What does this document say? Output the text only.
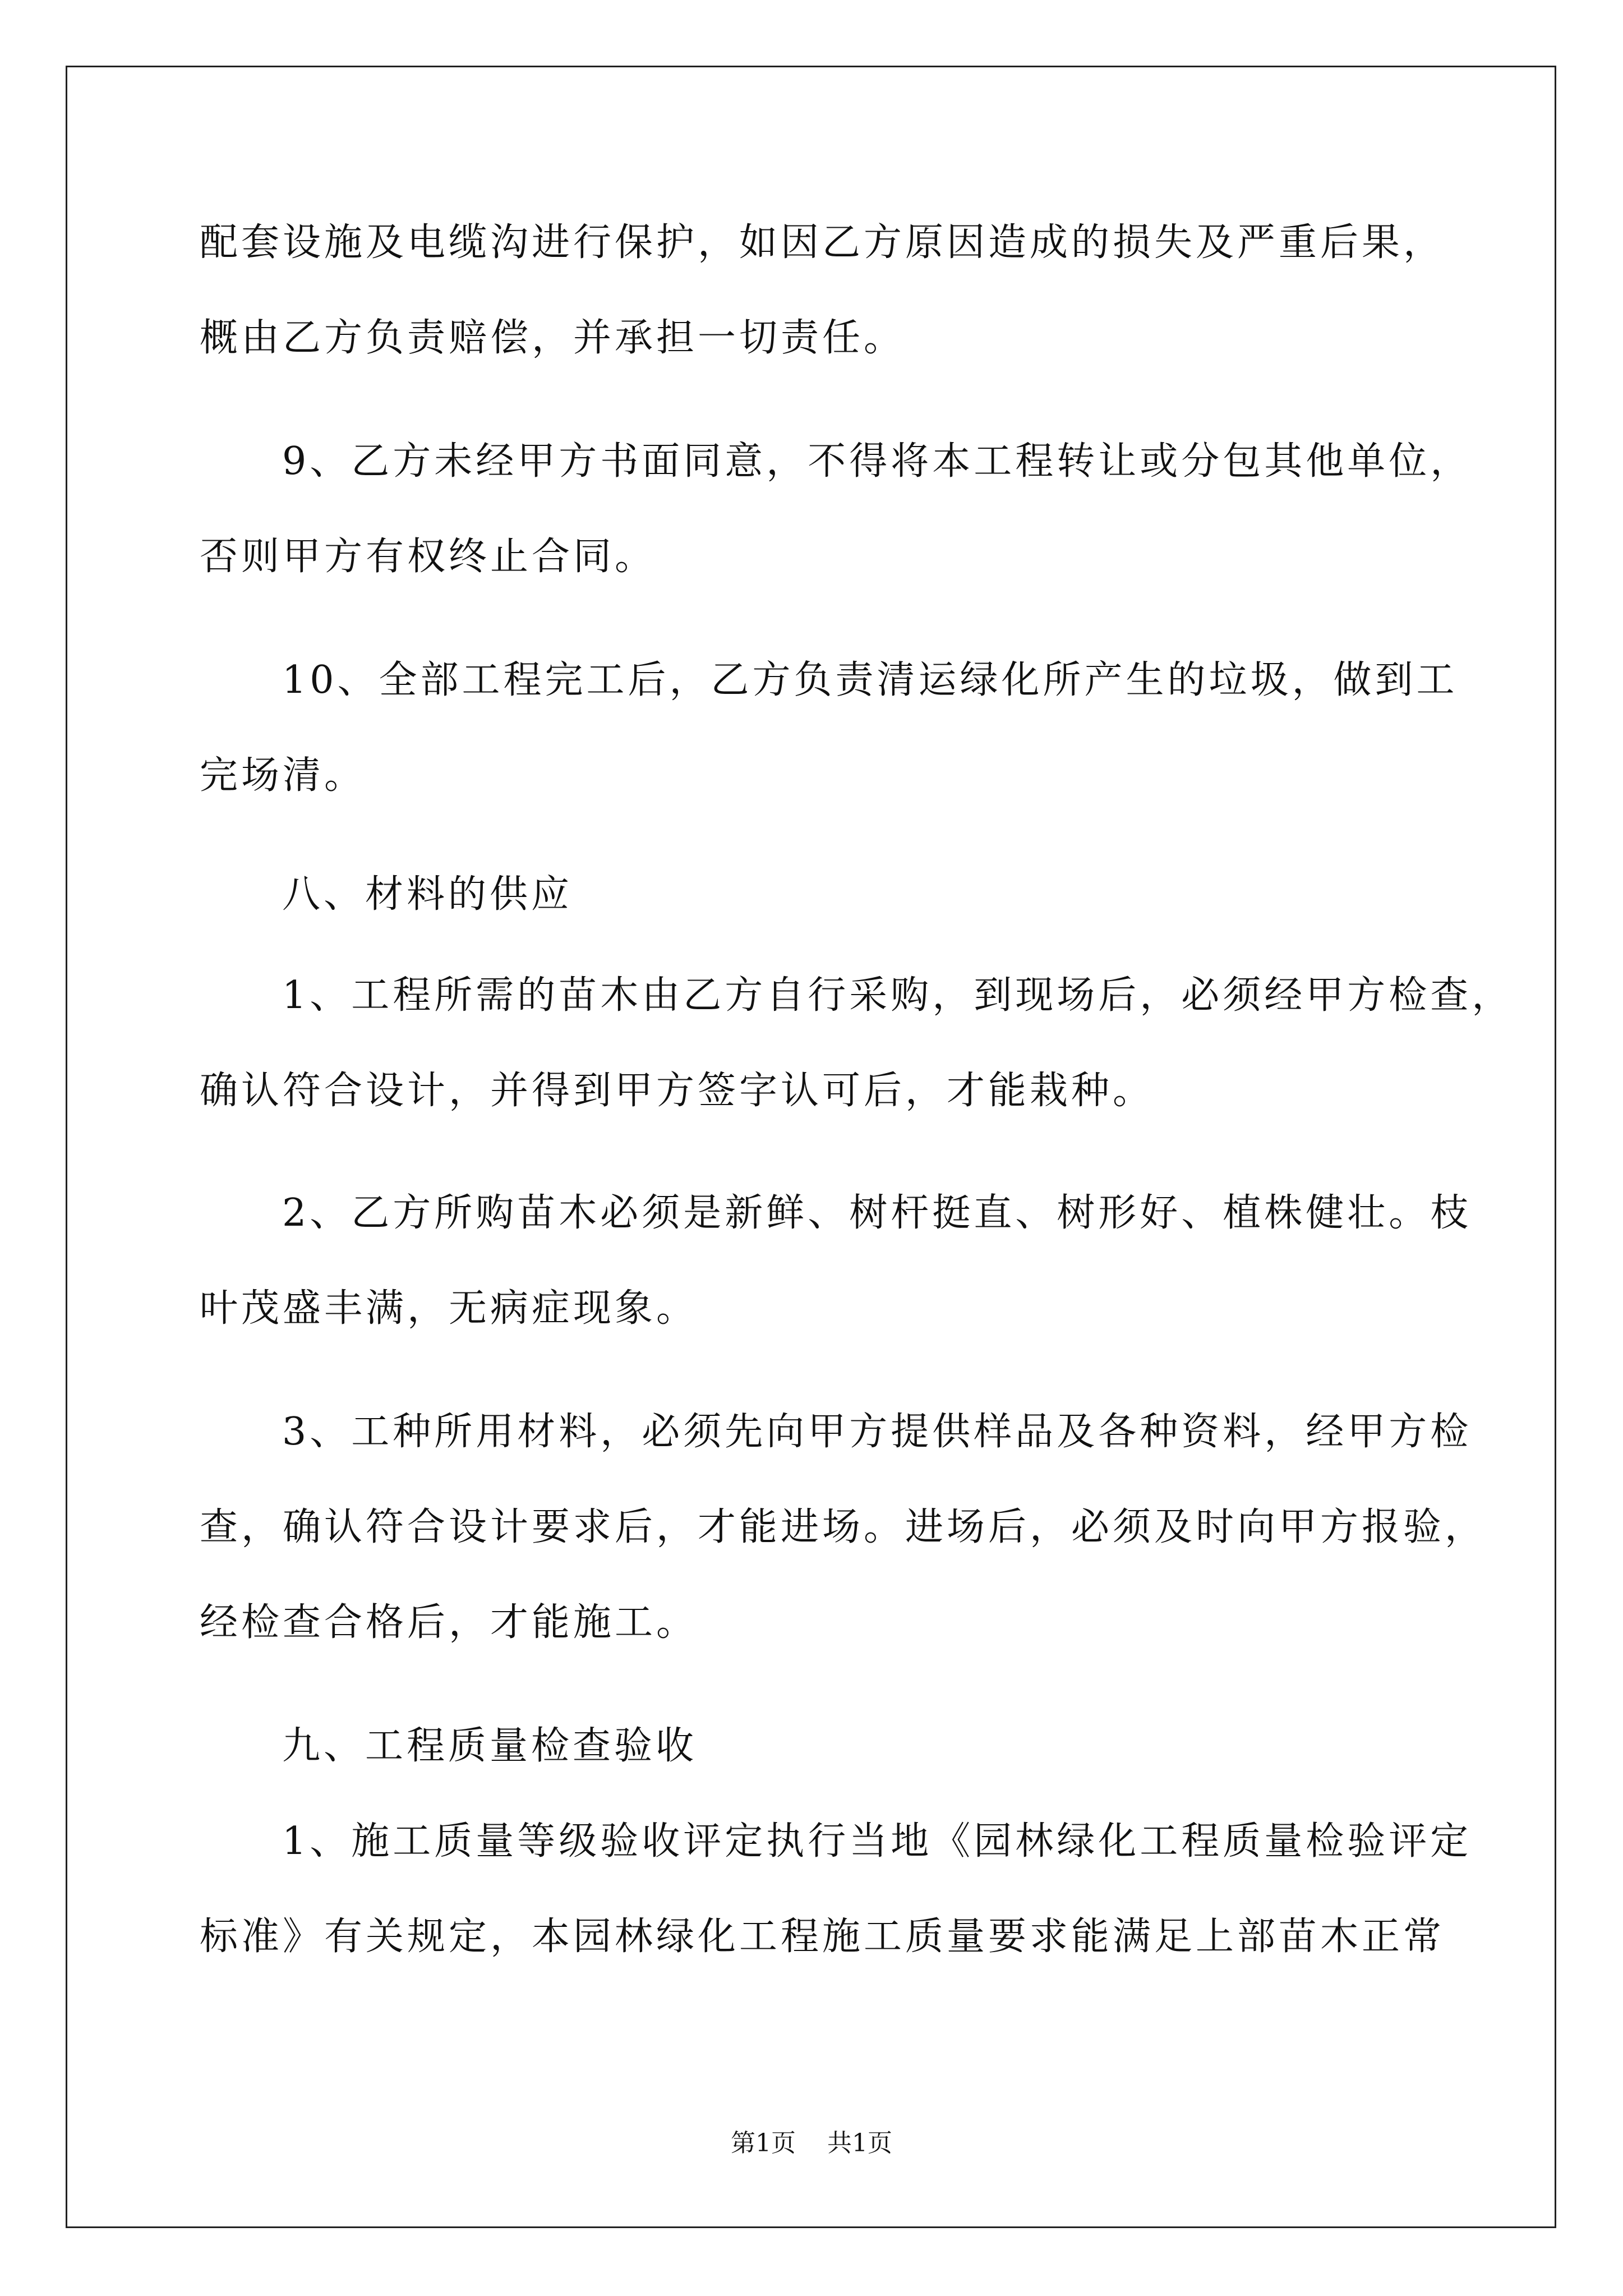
配套设施及电缆沟进行保护，如因乙方原因造成的损失及严重后果，
概由乙方负责赔偿，并承担一切责任。
9、乙方未经甲方书面同意，不得将本工程转让或分包其他单位，
否则甲方有权终止合同。
10、全部工程完工后，乙方负责清运绿化所产生的垃圾，做到工
完场清。
八、材料的供应
1、工程所需的苗木由乙方自行采购，到现场后，必须经甲方检查，
确认符合设计，并得到甲方签字认可后，才能栽种。
2、乙方所购苗木必须是新鲜、树杆挺直、树形好、植株健壮。枝
叶茂盛丰满，无病症现象。
3、工种所用材料，必须先向甲方提供样品及各种资料，经甲方检
查，确认符合设计要求后，才能进场。进场后，必须及时向甲方报验，
经检查合格后，才能施工。
九、工程质量检查验收
1、施工质量等级验收评定执行当地《园林绿化工程质量检验评定
标准》有关规定，本园林绿化工程施工质量要求能满足上部苗木正常
第1页 共1页
